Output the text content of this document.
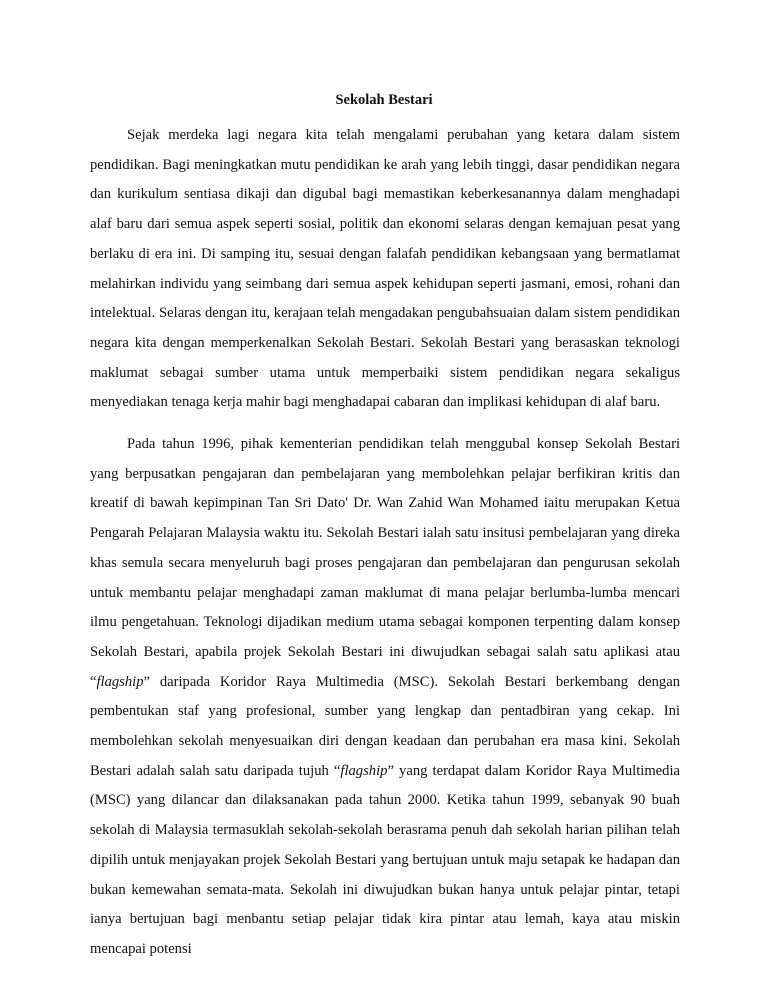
Sekolah Bestari

Sejak merdeka lagi negara kita telah mengalami perubahan yang ketara dalam sistem pendidikan. Bagi meningkatkan mutu pendidikan ke arah yang lebih tinggi, dasar pendidikan negara dan kurikulum sentiasa dikaji dan digubal bagi memastikan keberkesanannya dalam menghadapi alaf baru dari semua aspek seperti sosial, politik dan ekonomi selaras dengan kemajuan pesat yang berlaku di era ini. Di samping itu, sesuai dengan falafah pendidikan kebangsaan yang bermatlamat melahirkan individu yang seimbang dari semua aspek kehidupan seperti jasmani, emosi, rohani dan intelektual. Selaras dengan itu, kerajaan telah mengadakan pengubahsuaian dalam sistem pendidikan negara kita dengan memperkenalkan Sekolah Bestari. Sekolah Bestari yang berasaskan teknologi maklumat sebagai sumber utama untuk memperbaiki sistem pendidikan negara sekaligus menyediakan tenaga kerja mahir bagi menghadapai cabaran dan implikasi kehidupan di alaf baru.

Pada tahun 1996, pihak kementerian pendidikan telah menggubal konsep Sekolah Bestari yang berpusatkan pengajaran dan pembelajaran yang membolehkan pelajar berfikiran kritis dan kreatif di bawah kepimpinan Tan Sri Dato' Dr. Wan Zahid Wan Mohamed iaitu merupakan Ketua Pengarah Pelajaran Malaysia waktu itu. Sekolah Bestari ialah satu insitusi pembelajaran yang direka khas semula secara menyeluruh bagi proses pengajaran dan pembelajaran dan pengurusan sekolah untuk membantu pelajar menghadapi zaman maklumat di mana pelajar berlumba-lumba mencari ilmu pengetahuan. Teknologi dijadikan medium utama sebagai komponen terpenting dalam konsep Sekolah Bestari, apabila projek Sekolah Bestari ini diwujudkan sebagai salah satu aplikasi atau “flagship” daripada Koridor Raya Multimedia (MSC). Sekolah Bestari berkembang dengan pembentukan staf yang profesional, sumber yang lengkap dan pentadbiran yang cekap. Ini membolehkan sekolah menyesuaikan diri dengan keadaan dan perubahan era masa kini. Sekolah Bestari adalah salah satu daripada tujuh “flagship” yang terdapat dalam Koridor Raya Multimedia (MSC) yang dilancar dan dilaksanakan pada tahun 2000. Ketika tahun 1999, sebanyak 90 buah sekolah di Malaysia termasuklah sekolah-sekolah berasrama penuh dah sekolah harian pilihan telah dipilih untuk menjayakan projek Sekolah Bestari yang bertujuan untuk maju setapak ke hadapan dan bukan kemewahan semata-mata. Sekolah ini diwujudkan bukan hanya untuk pelajar pintar, tetapi ianya bertujuan bagi menbantu setiap pelajar tidak kira pintar atau lemah, kaya atau miskin mencapai potensi
